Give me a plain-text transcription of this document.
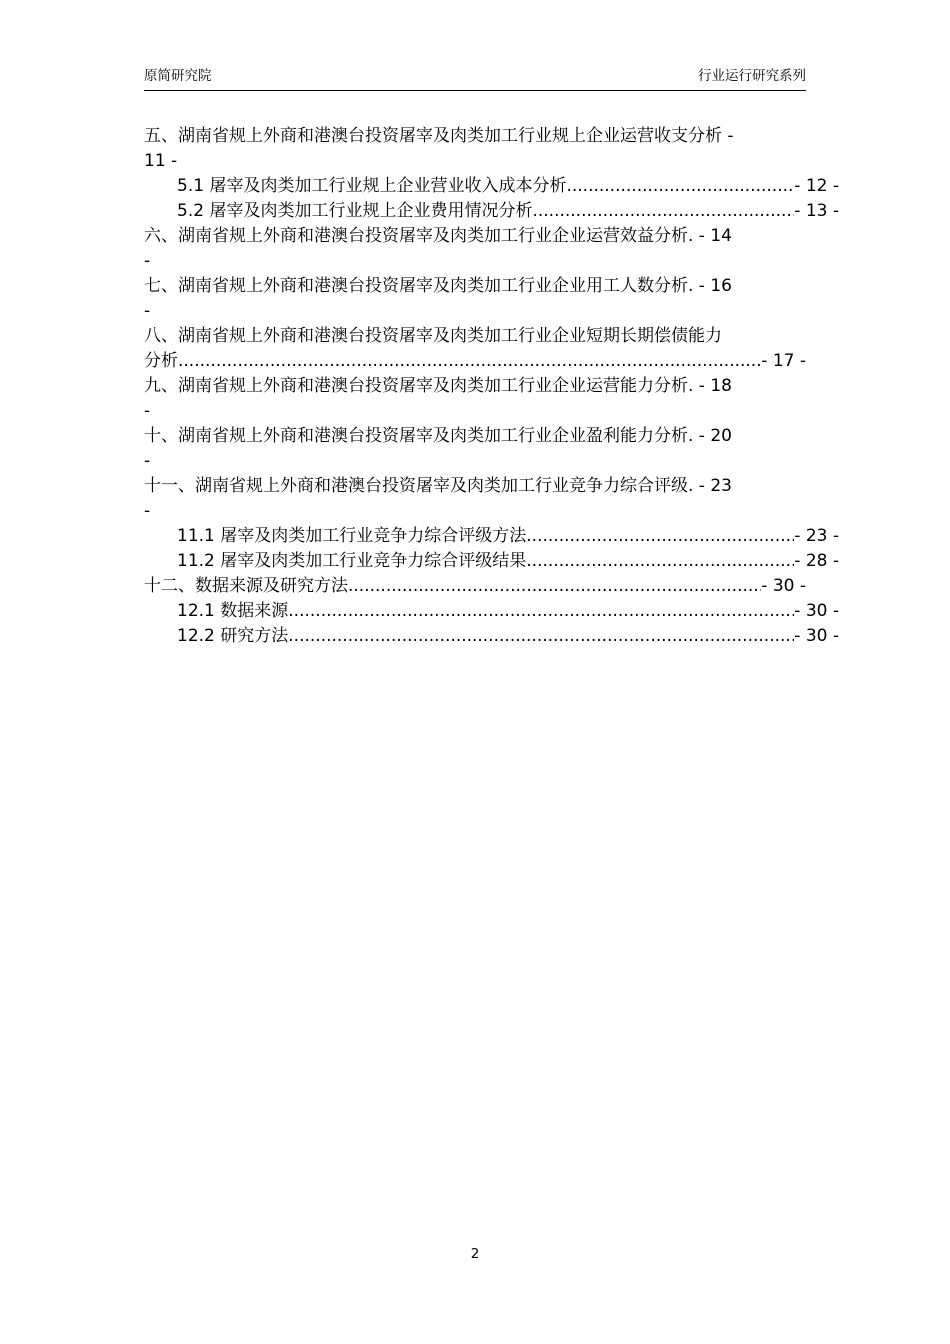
原简研究院	行业运行研究系列
五、湖南省规上外商和港澳台投资屠宰及肉类加工行业规上企业运营收支分析 -
11 -
5.1 屠宰及肉类加工行业规上企业营业收入成本分析 .....	- 12 -
5.2 屠宰及肉类加工行业规上企业费用情况分析 .....	- 13 -
六、湖南省规上外商和港澳台投资屠宰及肉类加工行业企业运营效益分析. - 14
-
七、湖南省规上外商和港澳台投资屠宰及肉类加工行业企业用工人数分析. - 16
-
八、湖南省规上外商和港澳台投资屠宰及肉类加工行业企业短期长期偿债能力
分析 .....	- 17 -
九、湖南省规上外商和港澳台投资屠宰及肉类加工行业企业运营能力分析. - 18
-
十、湖南省规上外商和港澳台投资屠宰及肉类加工行业企业盈利能力分析. - 20
-
十一、湖南省规上外商和港澳台投资屠宰及肉类加工行业竞争力综合评级. - 23
-
11.1 屠宰及肉类加工行业竞争力综合评级方法 .....	- 23 -
11.2 屠宰及肉类加工行业竞争力综合评级结果 .....	- 28 -
十二、数据来源及研究方法 .....	- 30 -
12.1 数据来源 .....	- 30 -
12.2 研究方法 .....	- 30 -
2
